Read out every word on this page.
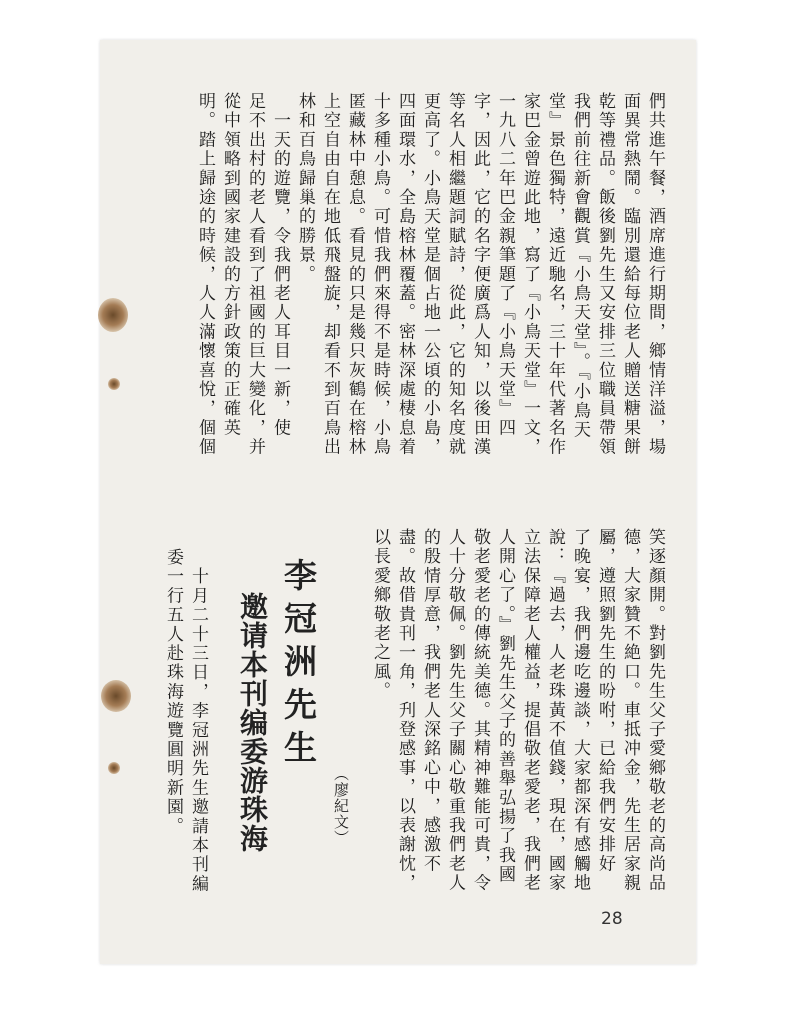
們共進午餐，酒席進行期間，鄉情洋溢，場

面異常熱鬧。臨別還給每位老人贈送糖果餅

乾等禮品。飯後劉先生又安排三位職員帶領

我們前往新會觀賞『小鳥天堂』。『小鳥天

堂』景色獨特，遠近馳名，三十年代著名作

家巴金曾遊此地，寫了『小鳥天堂』一文，

一九八二年巴金親筆題了『小鳥天堂』四

字，因此，它的名字便廣爲人知，以後田漢

等名人相繼題詞賦詩，從此，它的知名度就

更高了。小鳥天堂是個占地一公頃的小島，

四面環水，全島榕林覆蓋。密林深處棲息着

十多種小鳥。可惜我們來得不是時候，小鳥

匿藏林中憩息。看見的只是幾只灰鶴在榕林

上空自由自在地低飛盤旋，却看不到百鳥出

林和百鳥歸巢的勝景。

　一天的遊覽，令我們老人耳目一新，使

足不出村的老人看到了祖國的巨大變化，并

從中領略到國家建設的方針政策的正確英

明。踏上歸途的時候，人人滿懷喜悅，個個

笑逐顏開。對劉先生父子愛鄉敬老的高尚品

德，大家贊不絶口。車抵冲金，先生居家親

屬，遵照劉先生的吩咐，已給我們安排好

了晚宴，我們邊吃邊談，大家都深有感觸地

說：『過去，人老珠黃不值錢，現在，國家

立法保障老人權益，提倡敬老愛老，我們老

人開心了。』劉先生父子的善舉弘揚了我國

敬老愛老的傳統美德。其精神難能可貴，令

人十分敬佩。劉先生父子關心敬重我們老人

的殷情厚意，我們老人深銘心中，感激不

盡。故借貴刊一角，刋登感事，以表謝忱，

以長愛鄉敬老之風。

（廖紀文）
李冠洲先生
邀请本刊编委游珠海

　十月二十三日，李冠洲先生邀請本刊編

委一行五人赴珠海遊覽圓明新園。

28
